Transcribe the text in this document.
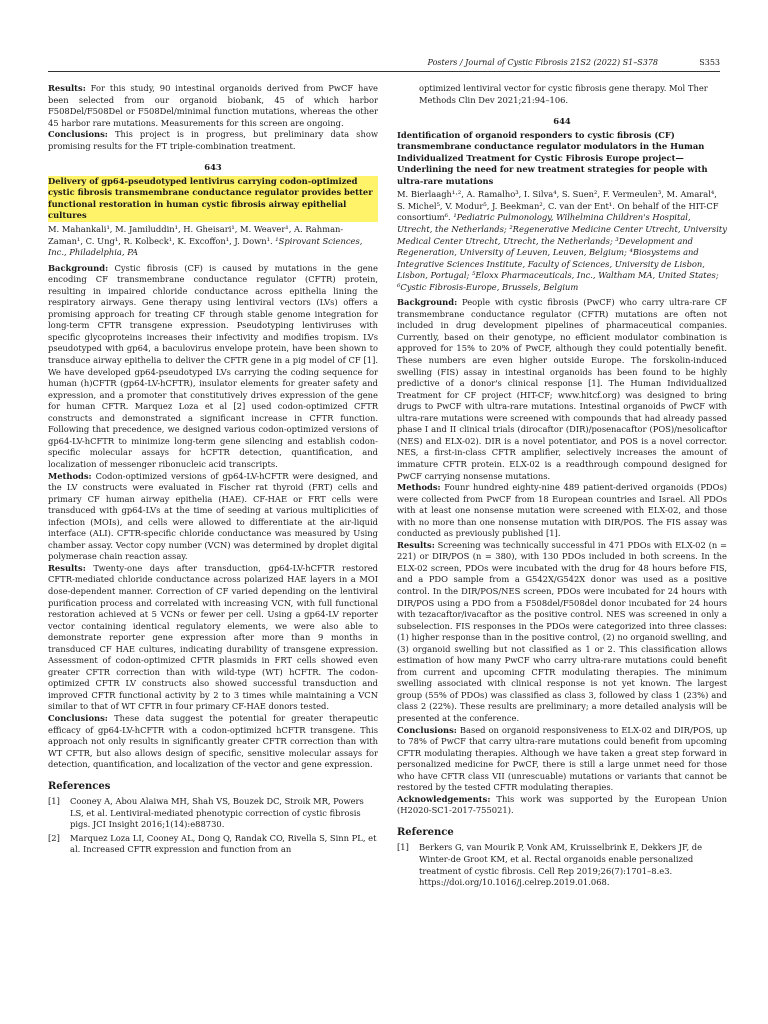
Posters / Journal of Cystic Fibrosis 21S2 (2022) S1–S378	S353

Results: For this study, 90 intestinal organoids derived from PwCF have been selected from our organoid biobank, 45 of which harbor F508Del/F508Del or F508Del/minimal function mutations, whereas the other 45 harbor rare mutations. Measurements for this screen are ongoing.

Conclusions: This project is in progress, but preliminary data show promising results for the FT triple-combination treatment.

643
Delivery of gp64-pseudotyped lentivirus carrying codon-optimized cystic fibrosis transmembrane conductance regulator provides better functional restoration in human cystic fibrosis airway epithelial cultures
M. Mahankali¹, M. Jamiluddin¹, H. Gheisari¹, M. Weaver¹, A. Rahman-Zaman¹, C. Ung¹, R. Kolbeck¹, K. Excoffon¹, J. Down¹. ¹Spirovant Sciences, Inc., Philadelphia, PA

Background: Cystic fibrosis (CF) is caused by mutations in the gene encoding CF transmembrane conductance regulator (CFTR) protein, resulting in impaired chloride conductance across epithelia lining the respiratory airways. Gene therapy using lentiviral vectors (LVs) offers a promising approach for treating CF through stable genome integration for long-term CFTR transgene expression. Pseudotyping lentiviruses with specific glycoproteins increases their infectivity and modifies tropism. LVs pseudotyped with gp64, a baculovirus envelope protein, have been shown to transduce airway epithelia to deliver the CFTR gene in a pig model of CF [1]. We have developed gp64-pseudotyped LVs carrying the coding sequence for human (h)CFTR (gp64-LV-hCFTR), insulator elements for greater safety and expression, and a promoter that constitutively drives expression of the gene for human CFTR. Marquez Loza et al [2] used codon-optimized CFTR constructs and demonstrated a significant increase in CFTR function. Following that precedence, we designed various codon-optimized versions of gp64-LV-hCFTR to minimize long-term gene silencing and establish codon-specific molecular assays for hCFTR detection, quantification, and localization of messenger ribonucleic acid transcripts.

Methods: Codon-optimized versions of gp64-LV-hCFTR were designed, and the LV constructs were evaluated in Fischer rat thyroid (FRT) cells and primary CF human airway epithelia (HAE). CF-HAE or FRT cells were transduced with gp64-LVs at the time of seeding at various multiplicities of infection (MOIs), and cells were allowed to differentiate at the air-liquid interface (ALI). CFTR-specific chloride conductance was measured by Using chamber assay. Vector copy number (VCN) was determined by droplet digital polymerase chain reaction assay.

Results: Twenty-one days after transduction, gp64-LV-hCFTR restored CFTR-mediated chloride conductance across polarized HAE layers in a MOI dose-dependent manner. Correction of CF varied depending on the lentiviral purification process and correlated with increasing VCN, with full functional restoration achieved at 5 VCNs or fewer per cell. Using a gp64-LV reporter vector containing identical regulatory elements, we were also able to demonstrate reporter gene expression after more than 9 months in transduced CF HAE cultures, indicating durability of transgene expression. Assessment of codon-optimized CFTR plasmids in FRT cells showed even greater CFTR correction than with wild-type (WT) hCFTR. The codon-optimized CFTR LV constructs also showed successful transduction and improved CFTR functional activity by 2 to 3 times while maintaining a VCN similar to that of WT CFTR in four primary CF-HAE donors tested.

Conclusions: These data suggest the potential for greater therapeutic efficacy of gp64-LV-hCFTR with a codon-optimized hCFTR transgene. This approach not only results in significantly greater CFTR correction than with WT CFTR, but also allows design of specific, sensitive molecular assays for detection, quantification, and localization of the vector and gene expression.

References
[1]	Cooney A, Abou Alaiwa MH, Shah VS, Bouzek DC, Stroik MR, Powers LS, et al. Lentiviral-mediated phenotypic correction of cystic fibrosis pigs. JCI Insight 2016;1(14):e88730.
[2]	Marquez Loza LI, Cooney AL, Dong Q, Randak CO, Rivella S, Sinn PL, et al. Increased CFTR expression and function from an

optimized lentiviral vector for cystic fibrosis gene therapy. Mol Ther Methods Clin Dev 2021;21:94–106.

644
Identification of organoid responders to cystic fibrosis (CF) transmembrane conductance regulator modulators in the Human Individualized Treatment for Cystic Fibrosis Europe project—Underlining the need for new treatment strategies for people with ultra-rare mutations
M. Bierlaagh¹·², A. Ramalho³, I. Silva⁴, S. Suen², F. Vermeulen³, M. Amaral⁴, S. Michel⁵, V. Modur⁵, J. Beekman², C. van der Ent¹. On behalf of the HIT-CF consortium⁶. ¹Pediatric Pulmonology, Wilhelmina Children's Hospital, Utrecht, the Netherlands; ²Regenerative Medicine Center Utrecht, University Medical Center Utrecht, Utrecht, the Netherlands; ³Development and Regeneration, University of Leuven, Leuven, Belgium; ⁴Biosystems and Integrative Sciences Institute, Faculty of Sciences, University de Lisbon, Lisbon, Portugal; ⁵Eloxx Pharmaceuticals, Inc., Waltham MA, United States; ⁶Cystic Fibrosis-Europe, Brussels, Belgium

Background: People with cystic fibrosis (PwCF) who carry ultra-rare CF transmembrane conductance regulator (CFTR) mutations are often not included in drug development pipelines of pharmaceutical companies. Currently, based on their genotype, no efficient modulator combination is approved for 15% to 20% of PwCF, although they could potentially benefit. These numbers are even higher outside Europe. The forskolin-induced swelling (FIS) assay in intestinal organoids has been found to be highly predictive of a donor's clinical response [1]. The Human Individualized Treatment for CF project (HIT-CF; www.hitcf.org) was designed to bring drugs to PwCF with ultra-rare mutations. Intestinal organoids of PwCF with ultra-rare mutations were screened with compounds that had already passed phase I and II clinical trials (dirocaftor (DIR)/posenacaftor (POS)/nesolicaftor (NES) and ELX-02). DIR is a novel potentiator, and POS is a novel corrector. NES, a first-in-class CFTR amplifier, selectively increases the amount of immature CFTR protein. ELX-02 is a readthrough compound designed for PwCF carrying nonsense mutations.

Methods: Founr hundred eighty-nine 489 patient-derived organoids (PDOs) were collected from PwCF from 18 European countries and Israel. All PDOs with at least one nonsense mutation were screened with ELX-02, and those with no more than one nonsense mutation with DIR/POS. The FIS assay was conducted as previously published [1].

Results: Screening was technically successful in 471 PDOs with ELX-02 (n = 221) or DIR/POS (n = 380), with 130 PDOs included in both screens. In the ELX-02 screen, PDOs were incubated with the drug for 48 hours before FIS, and a PDO sample from a G542X/G542X donor was used as a positive control. In the DIR/POS/NES screen, PDOs were incubated for 24 hours with DIR/POS using a PDO from a F508del/F508del donor incubated for 24 hours with tezacaftor/ivacaftor as the positive control. NES was screened in only a subselection. FIS responses in the PDOs were categorized into three classes: (1) higher response than in the positive control, (2) no organoid swelling, and (3) organoid swelling but not classified as 1 or 2. This classification allows estimation of how many PwCF who carry ultra-rare mutations could benefit from current and upcoming CFTR modulating therapies. The minimum swelling associated with clinical response is not yet known. The largest group (55% of PDOs) was classified as class 3, followed by class 1 (23%) and class 2 (22%). These results are preliminary; a more detailed analysis will be presented at the conference.

Conclusions: Based on organoid responsiveness to ELX-02 and DIR/POS, up to 78% of PwCF that carry ultra-rare mutations could benefit from upcoming CFTR modulating therapies. Although we have taken a great step forward in personalized medicine for PwCF, there is still a large unmet need for those who have CFTR class VII (unrescuable) mutations or variants that cannot be restored by the tested CFTR modulating therapies.

Acknowledgements: This work was supported by the European Union (H2020-SC1-2017-755021).

Reference
[1]	Berkers G, van Mourik P, Vonk AM, Kruisselbrink E, Dekkers JF, de Winter-de Groot KM, et al. Rectal organoids enable personalized treatment of cystic fibrosis. Cell Rep 2019;26(7):1701–8.e3. https://doi.org/10.1016/j.celrep.2019.01.068.
